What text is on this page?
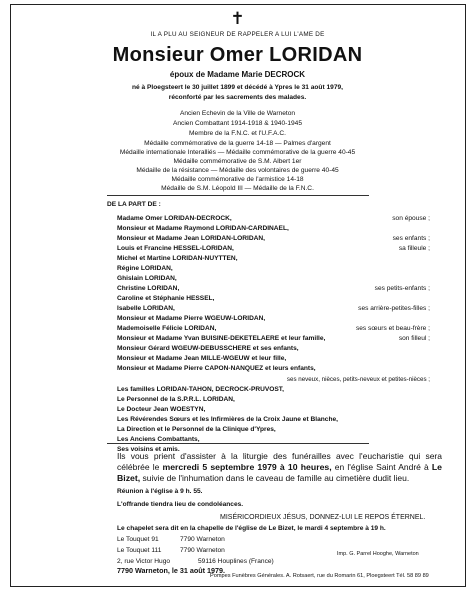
✝
IL A PLU AU SEIGNEUR DE RAPPELER A LUI L'AME DE
Monsieur Omer LORIDAN
époux de Madame Marie DECROCK
né à Ploegsteert le 30 juillet 1899 et décédé à Ypres le 31 août 1979,
réconforté par les sacrements des malades.
Ancien Echevin de la Ville de Warneton
Ancien Combattant 1914-1918 & 1940-1945
Membre de la F.N.C. et l'U.F.A.C.
Médaille commémorative de la guerre 14-18 — Palmes d'argent
Médaille internationale Interalliés — Médaille commémorative de la guerre 40-45
Médaille commémorative de S.M. Albert 1er
Médaille de la résistance — Médaille des volontaires de guerre 40-45
Médaille commémorative de l'armistice 14-18
Médaille de S.M. Léopold III — Médaille de la F.N.C.
DE LA PART DE :
Madame Omer LORIDAN-DECROCK,	son épouse ;
Monsieur et Madame Raymond LORIDAN-CARDINAEL,
Monsieur et Madame Jean LORIDAN-LORIDAN,	ses enfants ;
Louis et Francine HESSEL-LORIDAN,	sa filleule ;
Michel et Martine LORIDAN-NUYTTEN,
Régine LORIDAN,
Ghislain LORIDAN,
Christine LORIDAN,	ses petits-enfants ;
Caroline et Stéphanie HESSEL,
Isabelle LORIDAN,	ses arrière-petites-filles ;
Monsieur et Madame Pierre WGEUW-LORIDAN,
Mademoiselle Félicie LORIDAN,	ses sœurs et beau-frère ;
Monsieur et Madame Yvan BUISINE-DEKETELAERE et leur famille,	son filleul ;
Monsieur Gérard WGEUW-DEBUSSCHERE et ses enfants,
Monsieur et Madame Jean MILLE-WGEUW et leur fille,
Monsieur et Madame Pierre CAPON-NANQUEZ et leurs enfants,
ses neveux, nièces, petits-neveux et petites-nièces ;
Les familles LORIDAN-TAHON, DECROCK-PRUVOST,
Le Personnel de la S.P.R.L. LORIDAN,
Le Docteur Jean WOESTYN,
Les Révérendes Sœurs et les Infirmières de la Croix Jaune et Blanche,
La Direction et le Personnel de la Clinique d'Ypres,
Les Anciens Combattants,
Ses voisins et amis.
Ils vous prient d'assister à la liturgie des funérailles avec l'eucharistie qui sera célébrée le mercredi 5 septembre 1979 à 10 heures, en l'église Saint André à Le Bizet, suivie de l'inhumation dans le caveau de famille au cimetière dudit lieu.
Réunion à l'église à 9 h. 55.
L'offrande tiendra lieu de condoléances.
MISÉRICORDIEUX JÉSUS, DONNEZ-LUI LE REPOS ÉTERNEL.
Le chapelet sera dit en la chapelle de l'église de Le Bizet, le mardi 4 septembre à 19 h.
Le Touquet 91	7790 Warneton
Le Touquet 111	7790 Warneton
2, rue Victor Hugo	59116 Houplines (France)
Imp. G. Parrel Hooghe, Warneton
7790 Warneton, le 31 août 1979.
Pompes Funèbres Générales. A. Rotsaert, rue du Romarin 61, Ploegsteert Tél. 58 89 89
